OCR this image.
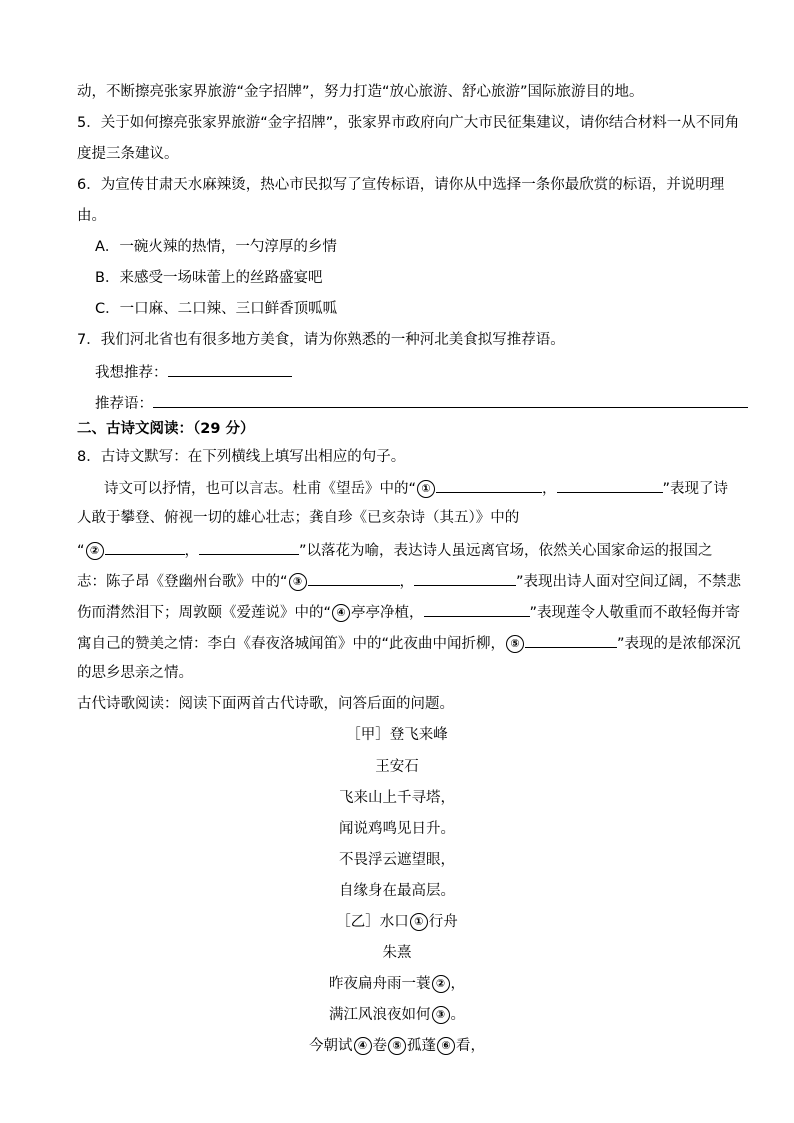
动，不断擦亮张家界旅游“金字招牌”，努力打造“放心旅游、舒心旅游”国际旅游目的地。
5．关于如何擦亮张家界旅游“金字招牌”，张家界市政府向广大市民征集建议，请你结合材料一从不同角
度提三条建议。
6．为宣传甘肃天水麻辣烫，热心市民拟写了宣传标语，请你从中选择一条你最欣赏的标语，并说明理
由。
A．一碗火辣的热情，一勺淳厚的乡情
B．来感受一场味蕾上的丝路盛宴吧
C．一口麻、二口辣、三口鲜香顶呱呱
7．我们河北省也有很多地方美食，请为你熟悉的一种河北美食拟写推荐语。
我想推荐：
推荐语：
二、古诗文阅读：（29 分）
8．古诗文默写：在下列横线上填写出相应的句子。
诗文可以抒情，也可以言志。杜甫《望岳》中的“ ①	，	”表现了诗
人敢于攀登、俯视一切的雄心壮志；龚自珍《已亥杂诗（其五）》中的
“ ②	，	”以落花为喻，表达诗人虽远离官场，依然关心国家命运的报国之
志：陈子昂《登幽州台歌》中的“ ③	，	”表现出诗人面对空间辽阔，不禁悲
伤而潸然泪下；周敦颐《爱莲说》中的“ ④ 亭亭净植，	”表现莲令人敬重而不敢轻侮并寄
寓自己的赞美之情：李白《春夜洛城闻笛》中的“此夜曲中闻折柳， ⑤	”表现的是浓郁深沉
的思乡思亲之情。
古代诗歌阅读：阅读下面两首古代诗歌，问答后面的问题。
［甲］登飞来峰
王安石
飞来山上千寻塔，
闻说鸡鸣见日升。
不畏浮云遮望眼，
自缘身在最高层。
［乙］水口 ① 行舟
朱熹
昨夜扁舟雨一蓑 ② ，
满江风浪夜如何 ③ 。
今朝试 ④ 卷 ⑤ 孤蓬 ⑥ 看，
